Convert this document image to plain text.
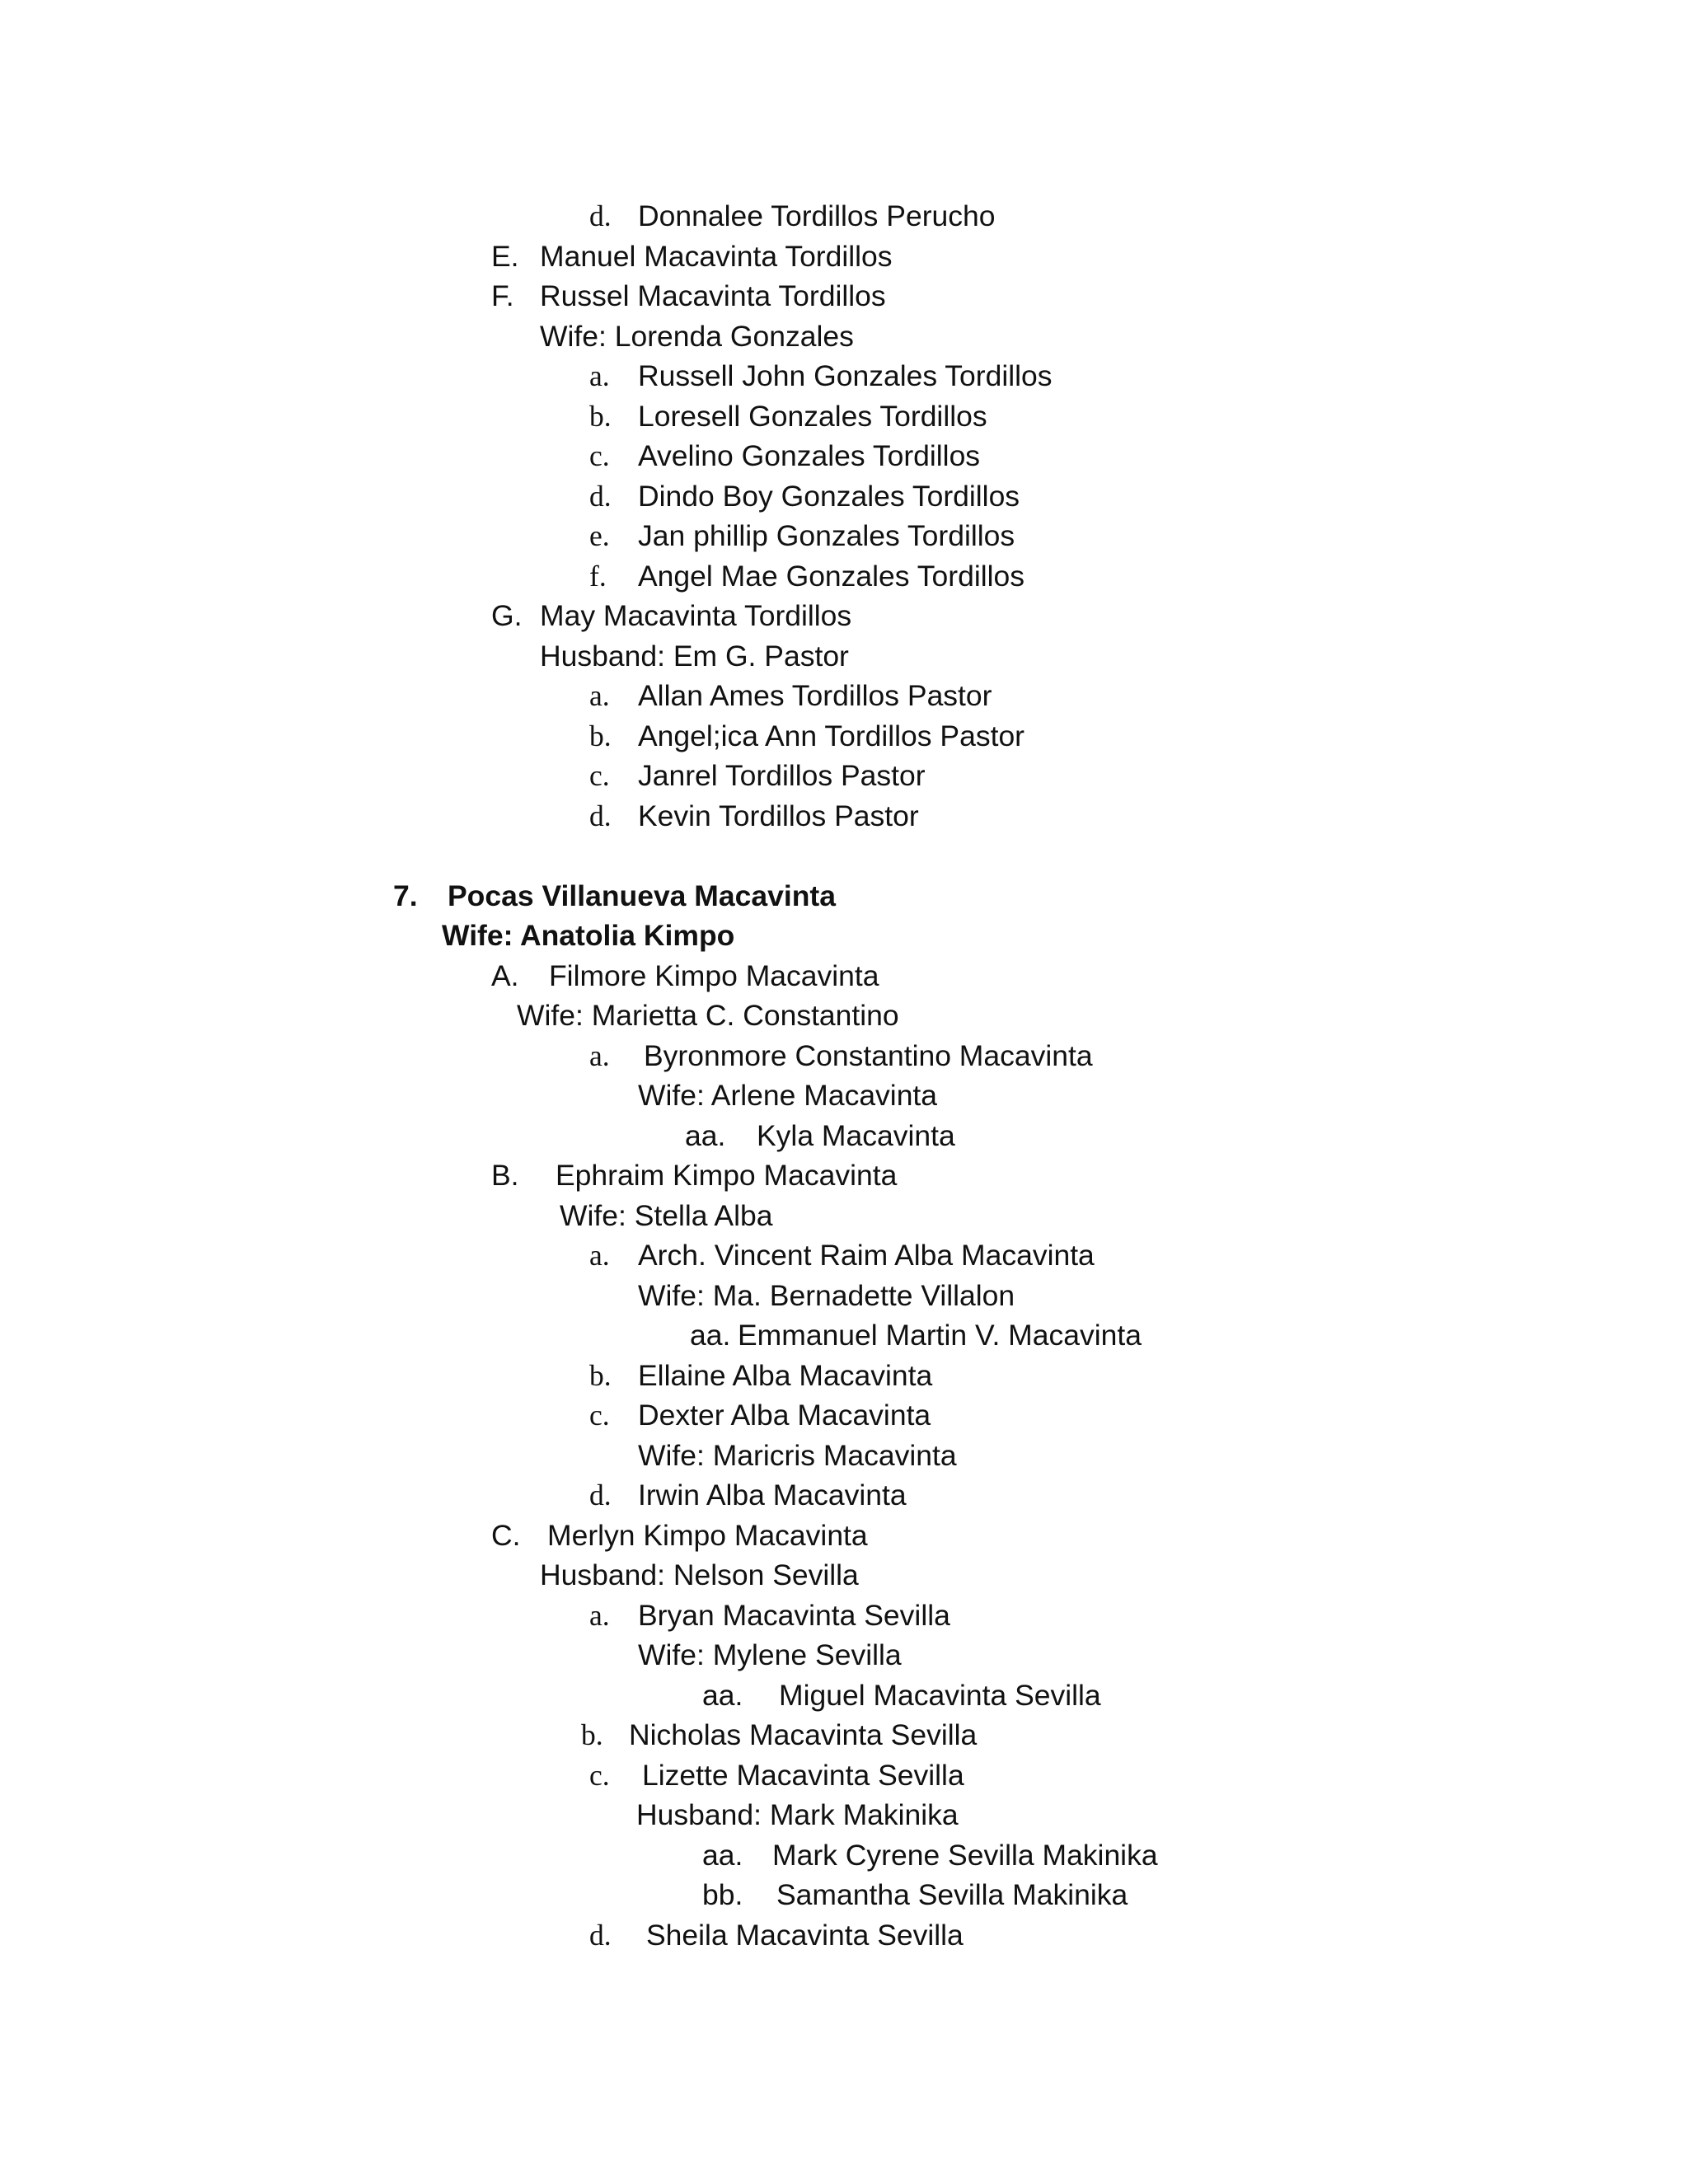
d. Donnalee Tordillos Perucho
E. Manuel Macavinta Tordillos
F. Russel Macavinta Tordillos
Wife: Lorenda Gonzales
a. Russell John Gonzales Tordillos
b. Loresell Gonzales Tordillos
c. Avelino Gonzales Tordillos
d. Dindo Boy Gonzales Tordillos
e. Jan phillip Gonzales Tordillos
f. Angel Mae Gonzales Tordillos
G. May Macavinta Tordillos
Husband: Em G. Pastor
a. Allan Ames Tordillos Pastor
b. Angel;ica Ann Tordillos Pastor
c. Janrel Tordillos Pastor
d. Kevin Tordillos Pastor
7. Pocas Villanueva Macavinta
Wife: Anatolia Kimpo
A. Filmore Kimpo Macavinta
Wife: Marietta C. Constantino
a. Byronmore Constantino Macavinta
Wife: Arlene Macavinta
aa. Kyla Macavinta
B. Ephraim Kimpo Macavinta
Wife: Stella Alba
a. Arch. Vincent Raim Alba Macavinta
Wife: Ma. Bernadette Villalon
aa. Emmanuel Martin V. Macavinta
b. Ellaine Alba Macavinta
c. Dexter Alba Macavinta
Wife: Maricris Macavinta
d. Irwin Alba Macavinta
C. Merlyn Kimpo Macavinta
Husband: Nelson Sevilla
a. Bryan Macavinta Sevilla
Wife: Mylene Sevilla
aa. Miguel Macavinta Sevilla
b. Nicholas Macavinta Sevilla
c. Lizette Macavinta Sevilla
Husband: Mark Makinika
aa. Mark Cyrene Sevilla Makinika
bb. Samantha Sevilla Makinika
d. Sheila Macavinta Sevilla
